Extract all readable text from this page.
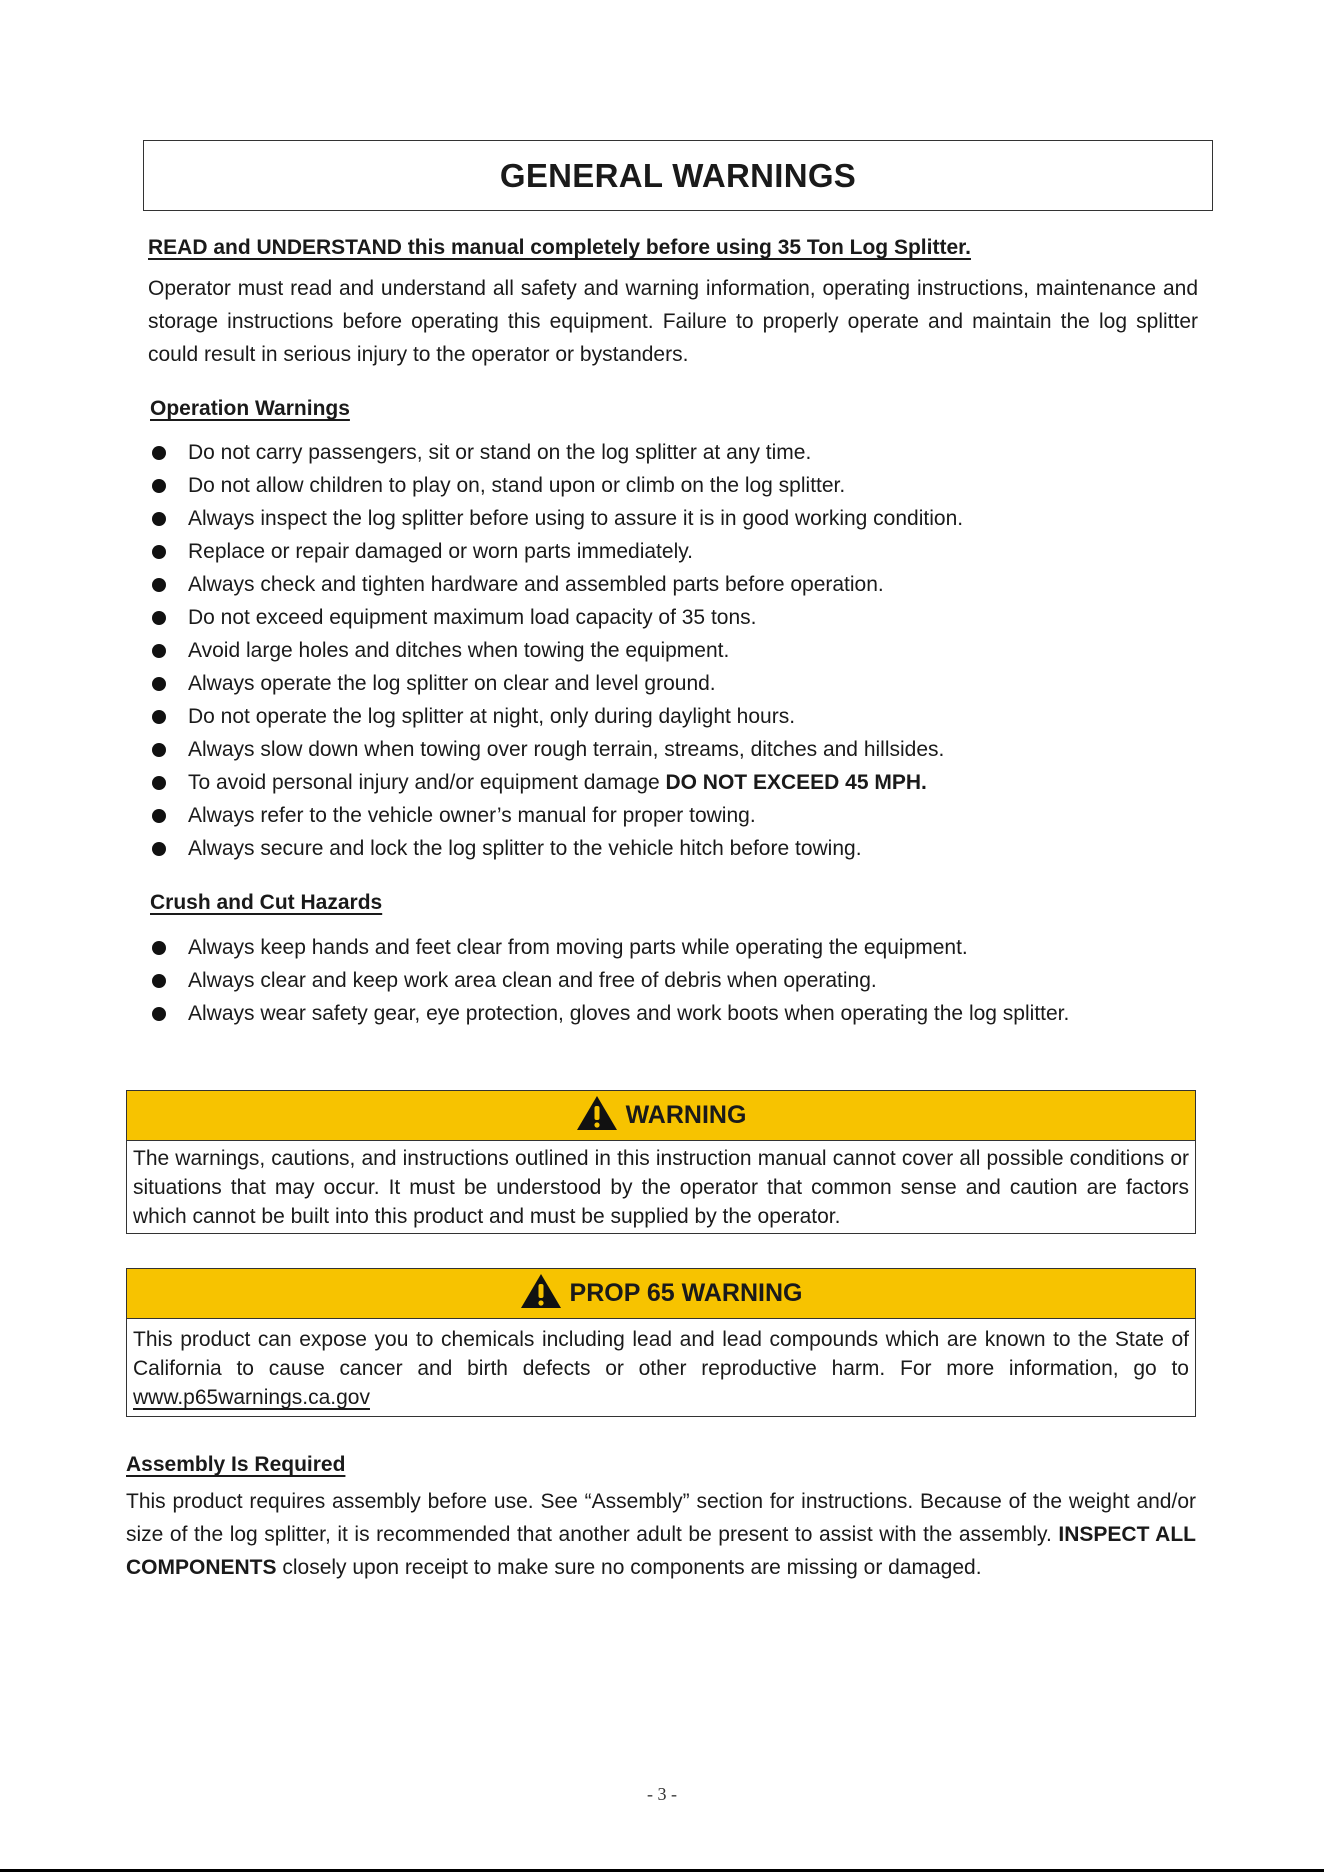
GENERAL WARNINGS

READ and UNDERSTAND this manual completely before using 35 Ton Log Splitter.

Operator must read and understand all safety and warning information, operating instructions, maintenance and storage instructions before operating this equipment. Failure to properly operate and maintain the log splitter could result in serious injury to the operator or bystanders.

Operation Warnings

Do not carry passengers, sit or stand on the log splitter at any time.
Do not allow children to play on, stand upon or climb on the log splitter.
Always inspect the log splitter before using to assure it is in good working condition.
Replace or repair damaged or worn parts immediately.
Always check and tighten hardware and assembled parts before operation.
Do not exceed equipment maximum load capacity of 35 tons.
Avoid large holes and ditches when towing the equipment.
Always operate the log splitter on clear and level ground.
Do not operate the log splitter at night, only during daylight hours.
Always slow down when towing over rough terrain, streams, ditches and hillsides.
To avoid personal injury and/or equipment damage DO NOT EXCEED 45 MPH.
Always refer to the vehicle owner’s manual for proper towing.
Always secure and lock the log splitter to the vehicle hitch before towing.

Crush and Cut Hazards

Always keep hands and feet clear from moving parts while operating the equipment.
Always clear and keep work area clean and free of debris when operating.
Always wear safety gear, eye protection, gloves and work boots when operating the log splitter.
WARNING
The warnings, cautions, and instructions outlined in this instruction manual cannot cover all possible conditions or situations that may occur. It must be understood by the operator that common sense and caution are factors which cannot be built into this product and must be supplied by the operator.
PROP 65 WARNING
This product can expose you to chemicals including lead and lead compounds which are known to the State of California to cause cancer and birth defects or other reproductive harm. For more information, go to www.p65warnings.ca.gov

Assembly Is Required

This product requires assembly before use. See “Assembly” section for instructions. Because of the weight and/or size of the log splitter, it is recommended that another adult be present to assist with the assembly. INSPECT ALL COMPONENTS closely upon receipt to make sure no components are missing or damaged.

- 3 -
